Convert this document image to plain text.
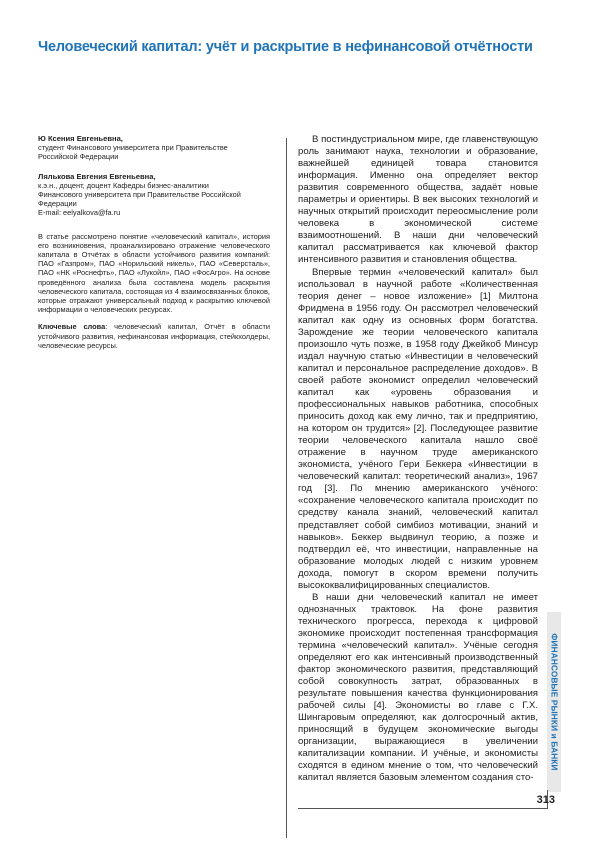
Человеческий капитал: учёт и раскрытие в нефинансовой отчётности
Ю Ксения Евгеньевна,
студент Финансового университета при Правительстве
Российской Федерации
Лялькова Евгения Евгеньевна,
к.э.н., доцент, доцент Кафедры бизнес-аналитики
Финансового университета при Правительстве Российской
Федерации
E-mail: eelyalkova@fa.ru
В статье рассмотрено понятие «человеческий капитал», история его возникновения, проанализировано отражение человеческого капитала в Отчётах в области устойчивого развития компаний: ПАО «Газпром», ПАО «Норильский никель», ПАО «Северсталь», ПАО «НК «Роснефть», ПАО «Лукойл», ПАО «ФосАгро». На основе проведённого анализа была составлена модель раскрытия человеческого капитала, состоящая из 4 взаимосвязанных блоков, которые отражают универсальный подход к раскрытию ключевой информации о человеческих ресурсах.
Ключевые слова: человеческий капитал, Отчёт в области устойчивого развития, нефинансовая информация, стейкхолдеры, человеческие ресурсы.

В постиндустриальном мире, где главенствующую роль занимают наука, технологии и образование, важнейшей единицей товара становится информация. Именно она определяет вектор развития современного общества, задаёт новые параметры и ориентиры. В век высоких технологий и научных открытий происходит переосмысление роли человека в экономической системе взаимоотношений. В наши дни человеческий капитал рассматривается как ключевой фактор интенсивного развития и становления общества.

Впервые термин «человеческий капитал» был использовал в научной работе «Количественная теория денег – новое изложение» [1] Милтона Фридмена в 1956 году. Он рассмотрел человеческий капитал как одну из основных форм богатства. Зарождение же теории человеческого капитала произошло чуть позже, в 1958 году Джейкоб Минсур издал научную статью «Инвестиции в человеческий капитал и персональное распределение доходов». В своей работе экономист определил человеческий капитал как «уровень образования и профессиональных навыков работника, способных приносить доход как ему лично, так и предприятию, на котором он трудится» [2]. Последующее развитие теории человеческого капитала нашло своё отражение в научном труде американского экономиста, учёного Гери Беккера «Инвестиции в человеческий капитал: теоретический анализ», 1967 год [3]. По мнению американского учёного: «сохранение человеческого капитала происходит по средству канала знаний, человеческий капитал представляет собой симбиоз мотивации, знаний и навыков». Беккер выдвинул теорию, а позже и подтвердил её, что инвестиции, направленные на образование молодых людей с низким уровнем дохода, помогут в скором времени получить высококвалифицированных специалистов.

В наши дни человеческий капитал не имеет однозначных трактовок. На фоне развития технического прогресса, перехода к цифровой экономике происходит постепенная трансформация термина «человеческий капитал». Учёные сегодня определяют его как интенсивный производственный фактор экономического развития, представляющий собой совокупность затрат, образованных в результате повышения качества функционирования рабочей силы [4]. Экономисты во главе с Г.Х. Шингаровым определяют, как долгосрочный актив, приносящий в будущем экономические выгоды организации, выражающиеся в увеличении капитализации компании. И учёные, и экономисты сходятся в едином мнение о том, что человеческий капитал является базовым элементом создания сто-

ФИНАНСОВЫЕ РЫНКИ и БАНКИ
313
